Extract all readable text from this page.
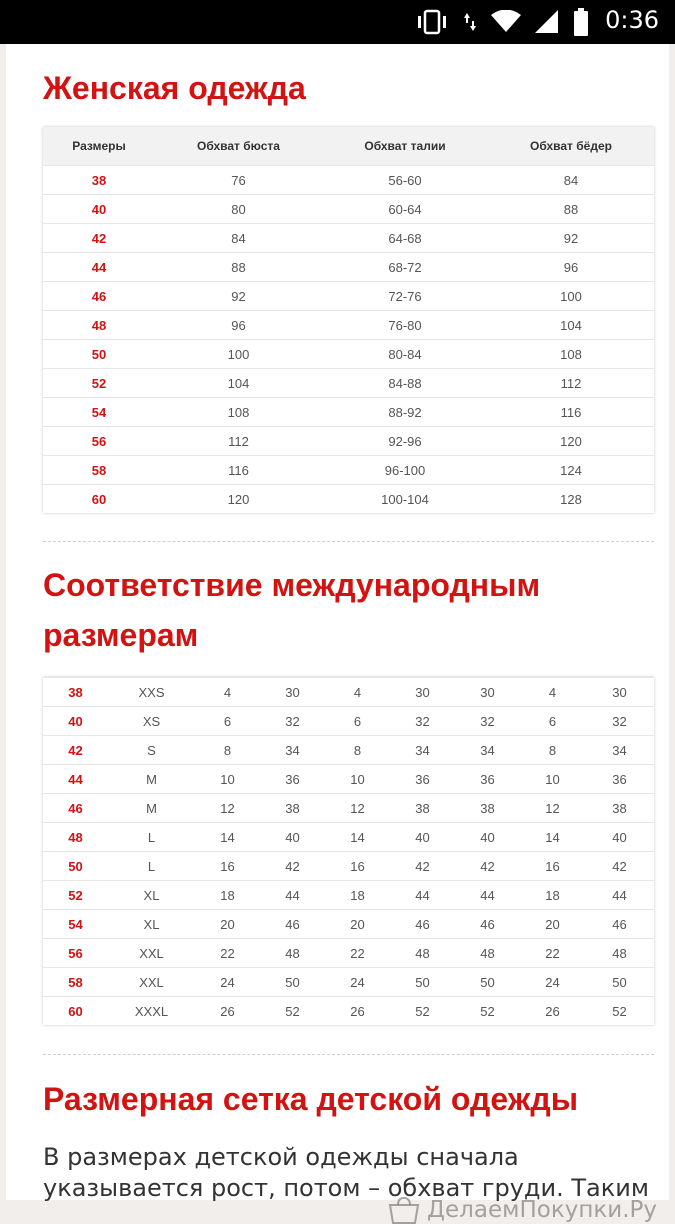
0:36
Женская одежда
Размеры	Обхват бюста	Обхват талии	Обхват бёдер
38	76	56-60	84
40	80	60-64	88
42	84	64-68	92
44	88	68-72	96
46	92	72-76	100
48	96	76-80	104
50	100	80-84	108
52	104	84-88	112
54	108	88-92	116
56	112	92-96	120
58	116	96-100	124
60	120	100-104	128
Соответствие международным размерам
38	XXS	4	30	4	30	30	4	30
40	XS	6	32	6	32	32	6	32
42	S	8	34	8	34	34	8	34
44	M	10	36	10	36	36	10	36
46	M	12	38	12	38	38	12	38
48	L	14	40	14	40	40	14	40
50	L	16	42	16	42	42	16	42
52	XL	18	44	18	44	44	18	44
54	XL	20	46	20	46	46	20	46
56	XXL	22	48	22	48	48	22	48
58	XXL	24	50	24	50	50	24	50
60	XXXL	26	52	26	52	52	26	52
Размерная сетка детской одежды

В размерах детской одежды сначала указывается рост, потом – обхват груди. Таким

ДелаемПокупки.Ру
